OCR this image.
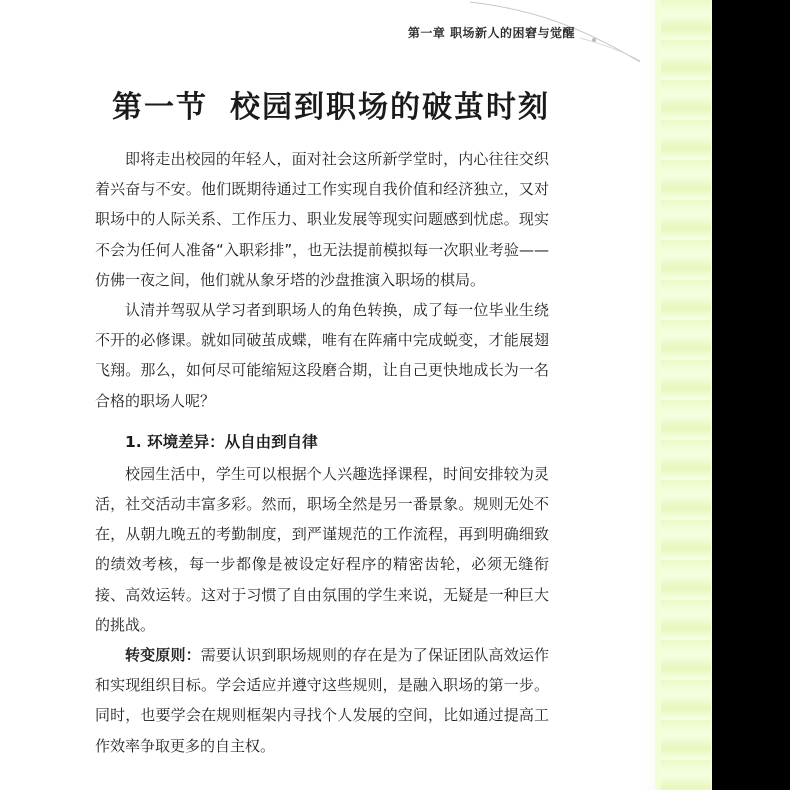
第一章 职场新人的困窘与觉醒
第一节 校园到职场的破茧时刻

即将走出校园的年轻人，面对社会这所新学堂时，内心往往交织着兴奋与不安。他们既期待通过工作实现自我价值和经济独立，又对职场中的人际关系、工作压力、职业发展等现实问题感到忧虑。现实不会为任何人准备“入职彩排”，也无法提前模拟每一次职业考验——仿佛一夜之间，他们就从象牙塔的沙盘推演入职场的棋局。

认清并驾驭从学习者到职场人的角色转换，成了每一位毕业生绕不开的必修课。就如同破茧成蝶，唯有在阵痛中完成蜕变，才能展翅飞翔。那么，如何尽可能缩短这段磨合期，让自己更快地成长为一名合格的职场人呢？

1. 环境差异：从自由到自律

校园生活中，学生可以根据个人兴趣选择课程，时间安排较为灵活，社交活动丰富多彩。然而，职场全然是另一番景象。规则无处不在，从朝九晚五的考勤制度，到严谨规范的工作流程，再到明确细致的绩效考核，每一步都像是被设定好程序的精密齿轮，必须无缝衔接、高效运转。这对于习惯了自由氛围的学生来说，无疑是一种巨大的挑战。

转变原则：需要认识到职场规则的存在是为了保证团队高效运作和实现组织目标。学会适应并遵守这些规则，是融入职场的第一步。同时，也要学会在规则框架内寻找个人发展的空间，比如通过提高工作效率争取更多的自主权。
